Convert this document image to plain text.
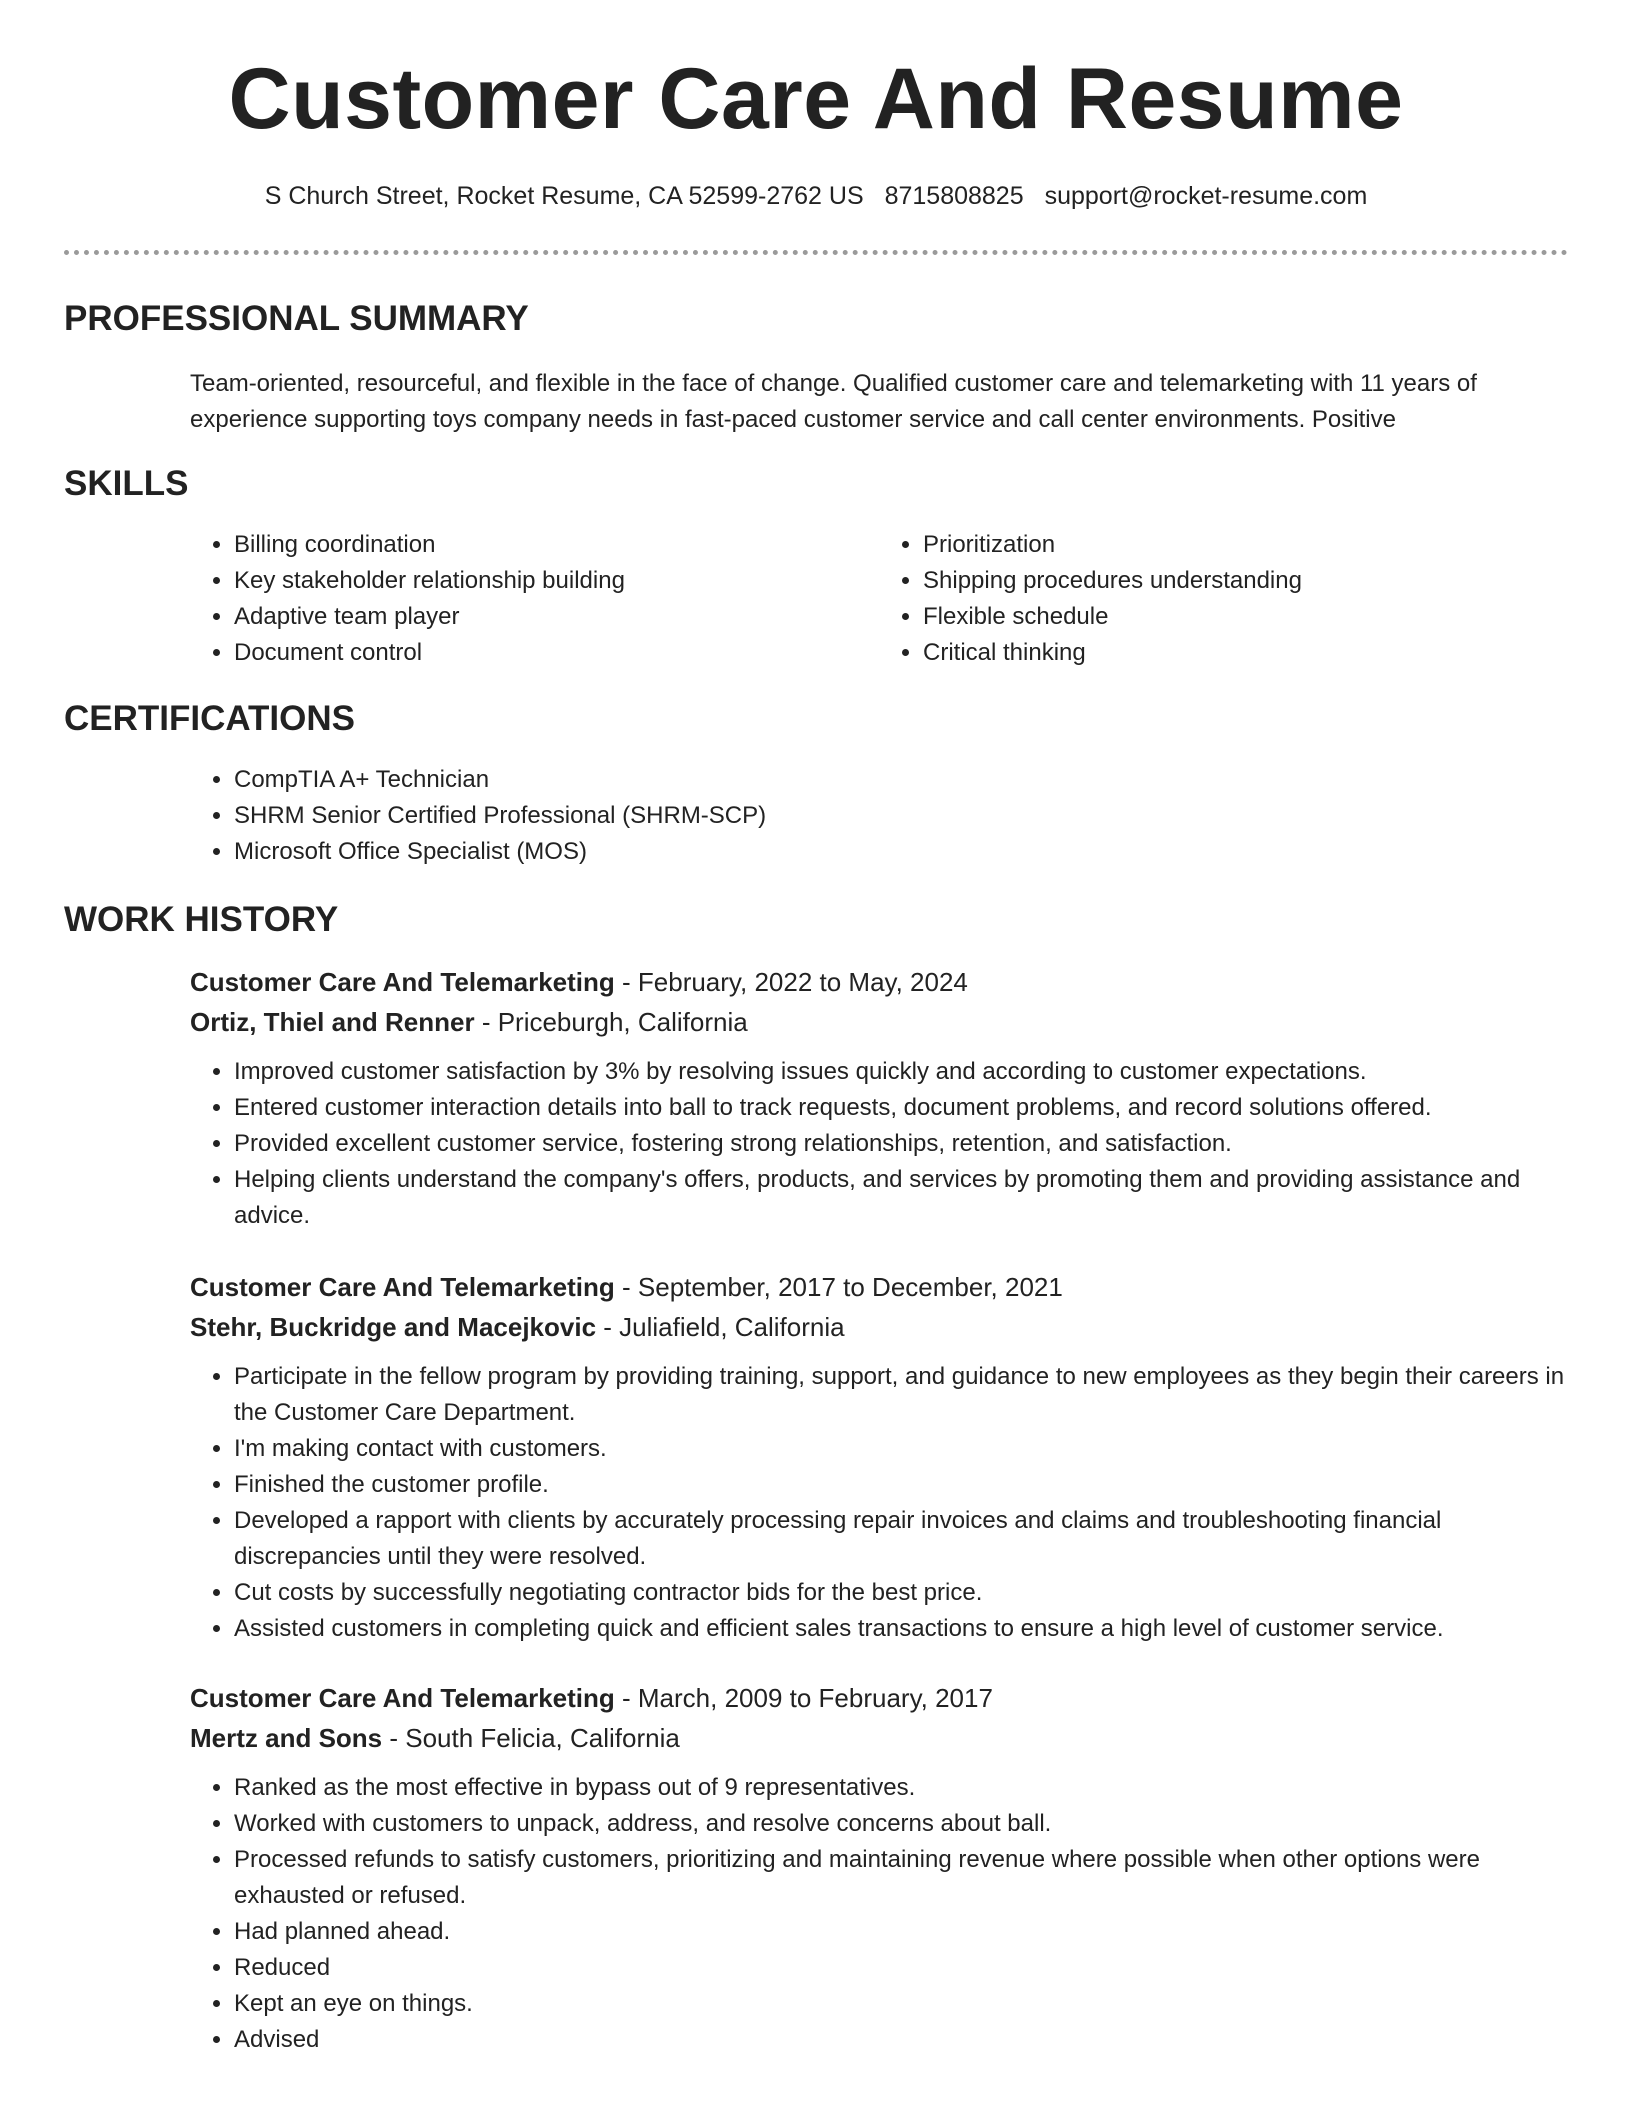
Customer Care And Resume
S Church Street, Rocket Resume, CA 52599-2762 US 8715808825 support@rocket-resume.com
PROFESSIONAL SUMMARY
Team-oriented, resourceful, and flexible in the face of change. Qualified customer care and telemarketing with 11 years of experience supporting toys company needs in fast-paced customer service and call center environments. Positive
SKILLS
• Billing coordination
• Key stakeholder relationship building
• Adaptive team player
• Document control
• Prioritization
• Shipping procedures understanding
• Flexible schedule
• Critical thinking
CERTIFICATIONS
• CompTIA A+ Technician
• SHRM Senior Certified Professional (SHRM-SCP)
• Microsoft Office Specialist (MOS)
WORK HISTORY
Customer Care And Telemarketing - February, 2022 to May, 2024
Ortiz, Thiel and Renner - Priceburgh, California
• Improved customer satisfaction by 3% by resolving issues quickly and according to customer expectations.
• Entered customer interaction details into ball to track requests, document problems, and record solutions offered.
• Provided excellent customer service, fostering strong relationships, retention, and satisfaction.
• Helping clients understand the company's offers, products, and services by promoting them and providing assistance and advice.
Customer Care And Telemarketing - September, 2017 to December, 2021
Stehr, Buckridge and Macejkovic - Juliafield, California
• Participate in the fellow program by providing training, support, and guidance to new employees as they begin their careers in the Customer Care Department.
• I'm making contact with customers.
• Finished the customer profile.
• Developed a rapport with clients by accurately processing repair invoices and claims and troubleshooting financial discrepancies until they were resolved.
• Cut costs by successfully negotiating contractor bids for the best price.
• Assisted customers in completing quick and efficient sales transactions to ensure a high level of customer service.
Customer Care And Telemarketing - March, 2009 to February, 2017
Mertz and Sons - South Felicia, California
• Ranked as the most effective in bypass out of 9 representatives.
• Worked with customers to unpack, address, and resolve concerns about ball.
• Processed refunds to satisfy customers, prioritizing and maintaining revenue where possible when other options were exhausted or refused.
• Had planned ahead.
• Reduced
• Kept an eye on things.
• Advised
